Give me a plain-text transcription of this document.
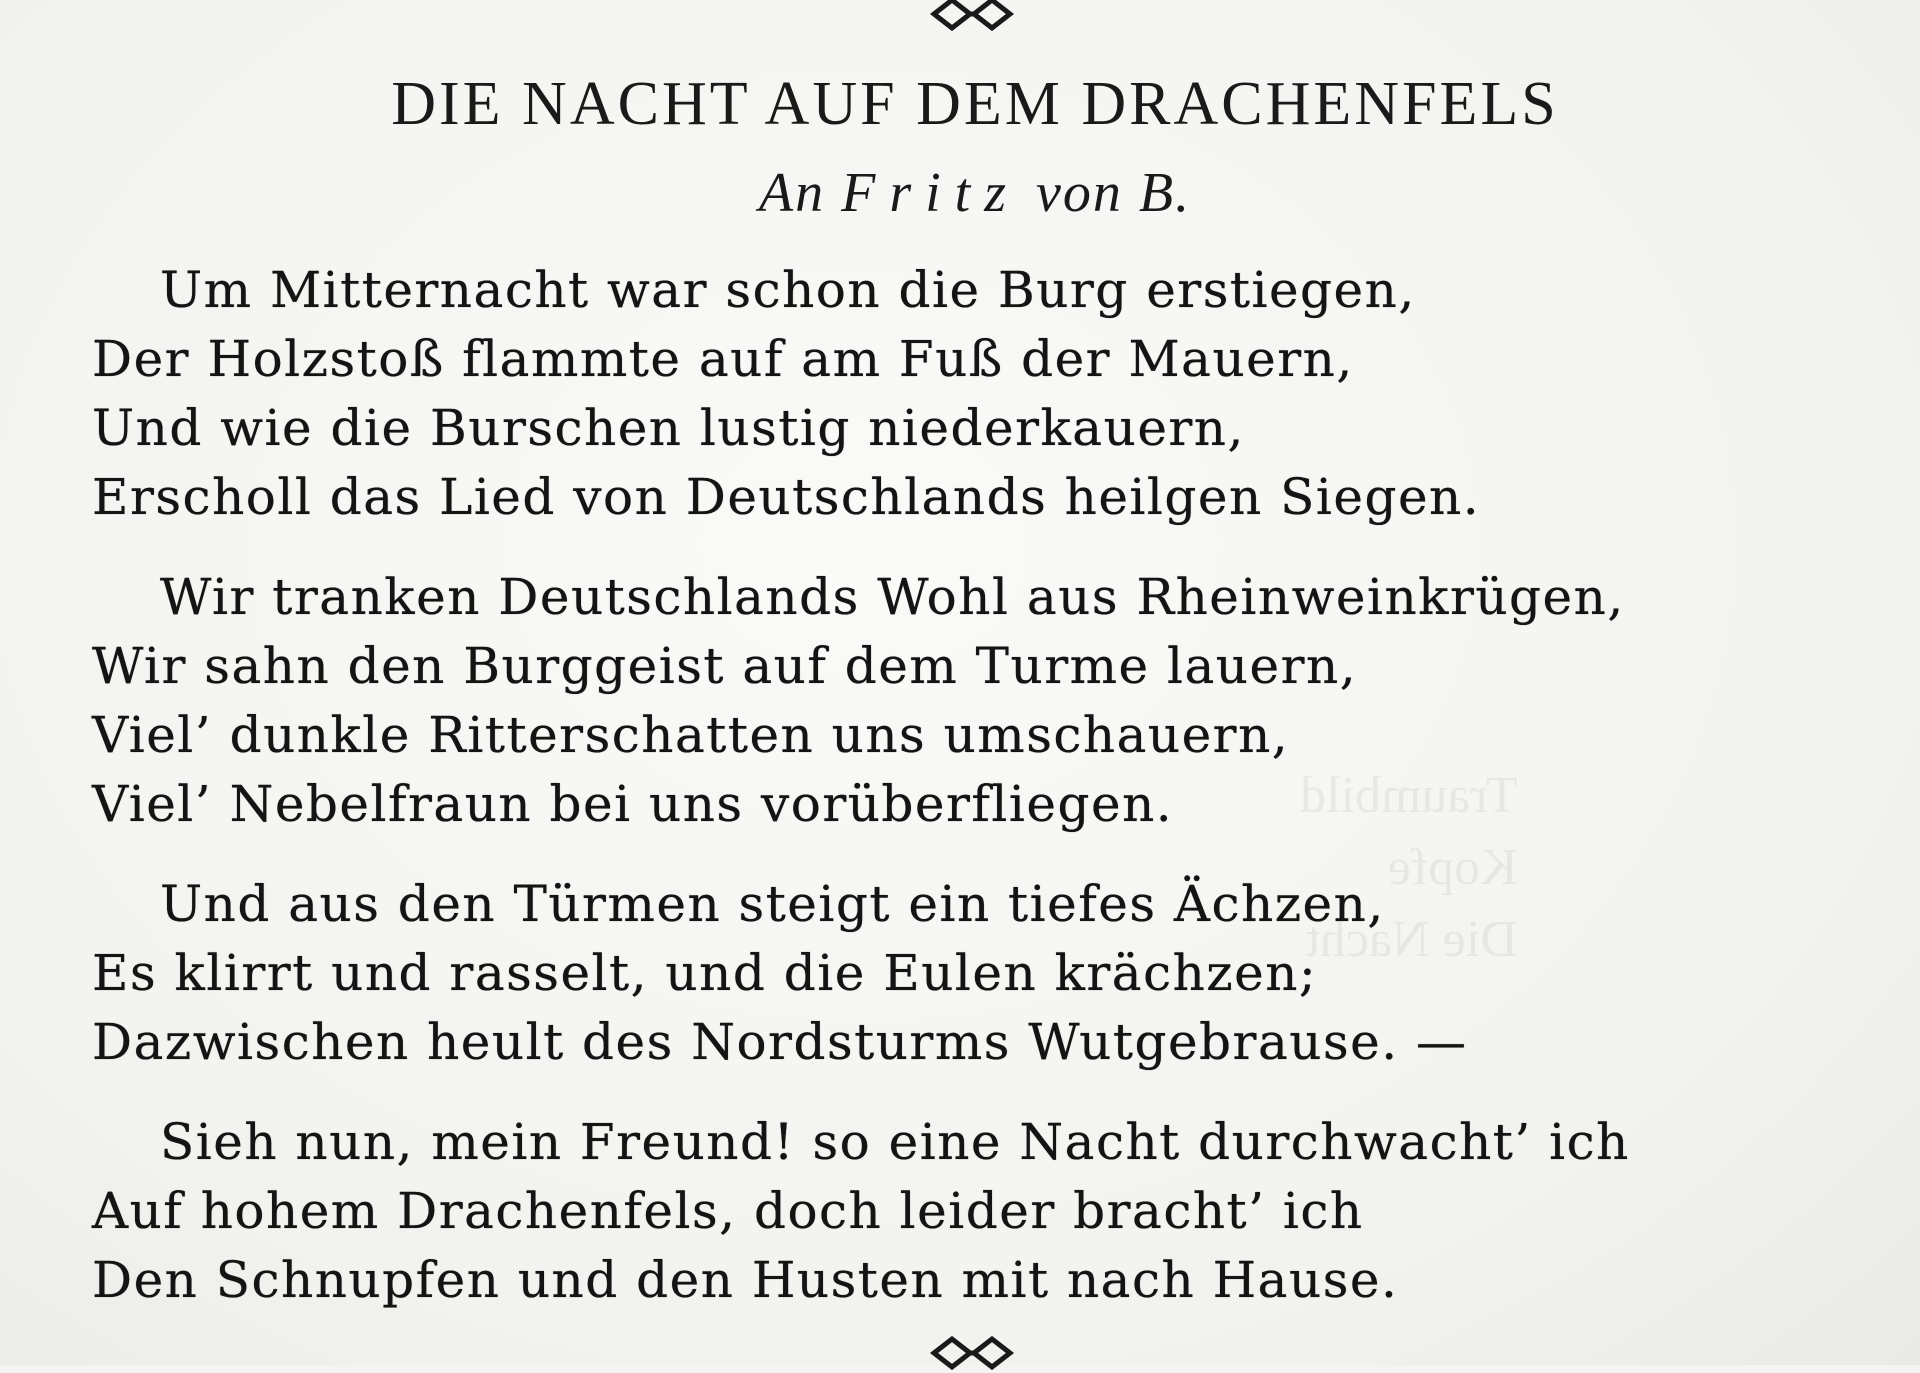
Traumbild
Kopfe
Die Nacht
DIE NACHT AUF DEM DRACHENFELS
An Fritz von B.
Um Mitternacht war schon die Burg erstiegen,
Der Holzstoß flammte auf am Fuß der Mauern,
Und wie die Burschen lustig niederkauern,
Erscholl das Lied von Deutschlands heilgen Siegen.
Wir tranken Deutschlands Wohl aus Rheinweinkrügen,
Wir sahn den Burggeist auf dem Turme lauern,
Viel’ dunkle Ritterschatten uns umschauern,
Viel’ Nebelfraun bei uns vorüberfliegen.
Und aus den Türmen steigt ein tiefes Ächzen,
Es klirrt und rasselt, und die Eulen krächzen;
Dazwischen heult des Nordsturms Wutgebrause. —
Sieh nun, mein Freund! so eine Nacht durchwacht’ ich
Auf hohem Drachenfels, doch leider bracht’ ich
Den Schnupfen und den Husten mit nach Hause.
